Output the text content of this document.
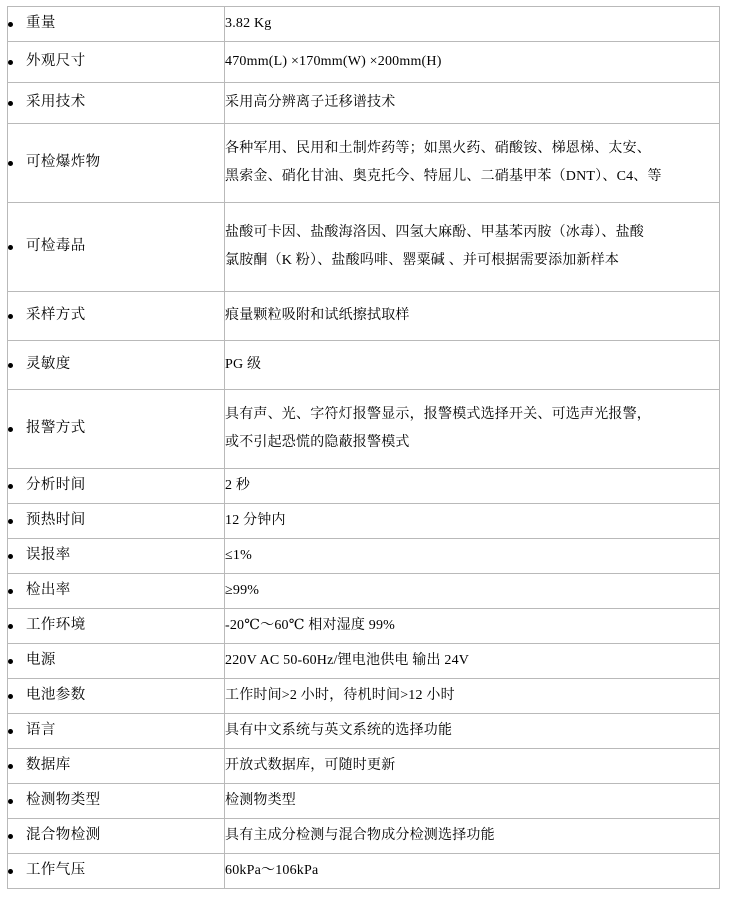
重量	3.82 Kg

外观尺寸	470mm(L) ×170mm(W) ×200mm(H)

采用技术	采用高分辨离子迁移谱技术

可检爆炸物	各种军用、民用和土制炸药等；如黑火药、硝酸铵、梯恩梯、太安、
黑索金、硝化甘油、奥克托今、特屈儿、二硝基甲苯（DNT）、C4、等

可检毒品	盐酸可卡因、盐酸海洛因、四氢大麻酚、甲基苯丙胺（冰毒）、盐酸
氯胺酮（K 粉）、盐酸吗啡、罂粟碱 、并可根据需要添加新样本

采样方式	痕量颗粒吸附和试纸擦拭取样

灵敏度	PG 级

报警方式	具有声、光、字符灯报警显示，报警模式选择开关、可选声光报警，
或不引起恐慌的隐蔽报警模式

分析时间	2 秒

预热时间	12 分钟内

误报率	≤1%

检出率	≥99%

工作环境	-20℃～60℃ 相对湿度 99%

电源	220V AC 50-60Hz/锂电池供电 输出 24V

电池参数	工作时间>2 小时，待机时间>12 小时

语言	具有中文系统与英文系统的选择功能

数据库	开放式数据库，可随时更新

检测物类型	检测物类型

混合物检测	具有主成分检测与混合物成分检测选择功能

工作气压	60kPa～106kPa
